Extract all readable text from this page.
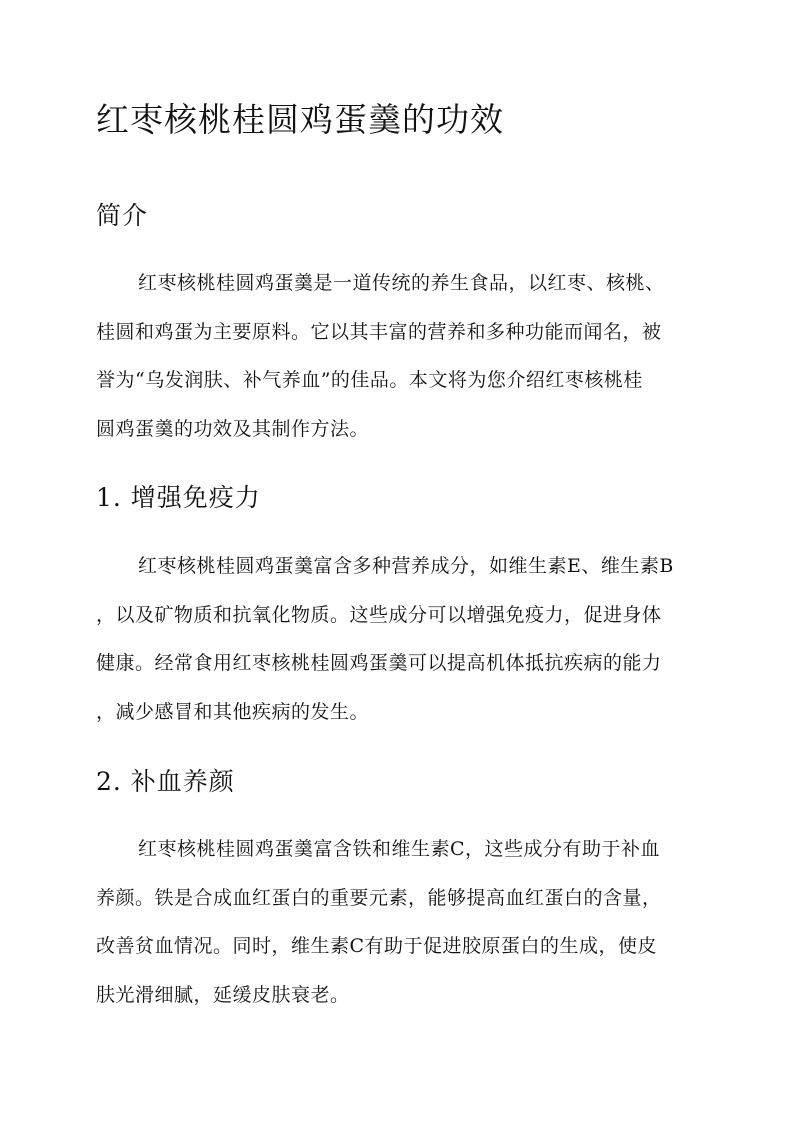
红枣核桃桂圆鸡蛋羹的功效
简介
红枣核桃桂圆鸡蛋羹是一道传统的养生食品，以红枣、核桃、
桂圆和鸡蛋为主要原料。它以其丰富的营养和多种功能而闻名，被
誉为“乌发润肤、补气养血”的佳品。本文将为您介绍红枣核桃桂
圆鸡蛋羹的功效及其制作方法。
1. 增强免疫力
红枣核桃桂圆鸡蛋羹富含多种营养成分，如维生素E、维生素B
，以及矿物质和抗氧化物质。这些成分可以增强免疫力，促进身体
健康。经常食用红枣核桃桂圆鸡蛋羹可以提高机体抵抗疾病的能力
，减少感冒和其他疾病的发生。
2. 补血养颜
红枣核桃桂圆鸡蛋羹富含铁和维生素C，这些成分有助于补血
养颜。铁是合成血红蛋白的重要元素，能够提高血红蛋白的含量，
改善贫血情况。同时，维生素C有助于促进胶原蛋白的生成，使皮
肤光滑细腻，延缓皮肤衰老。
